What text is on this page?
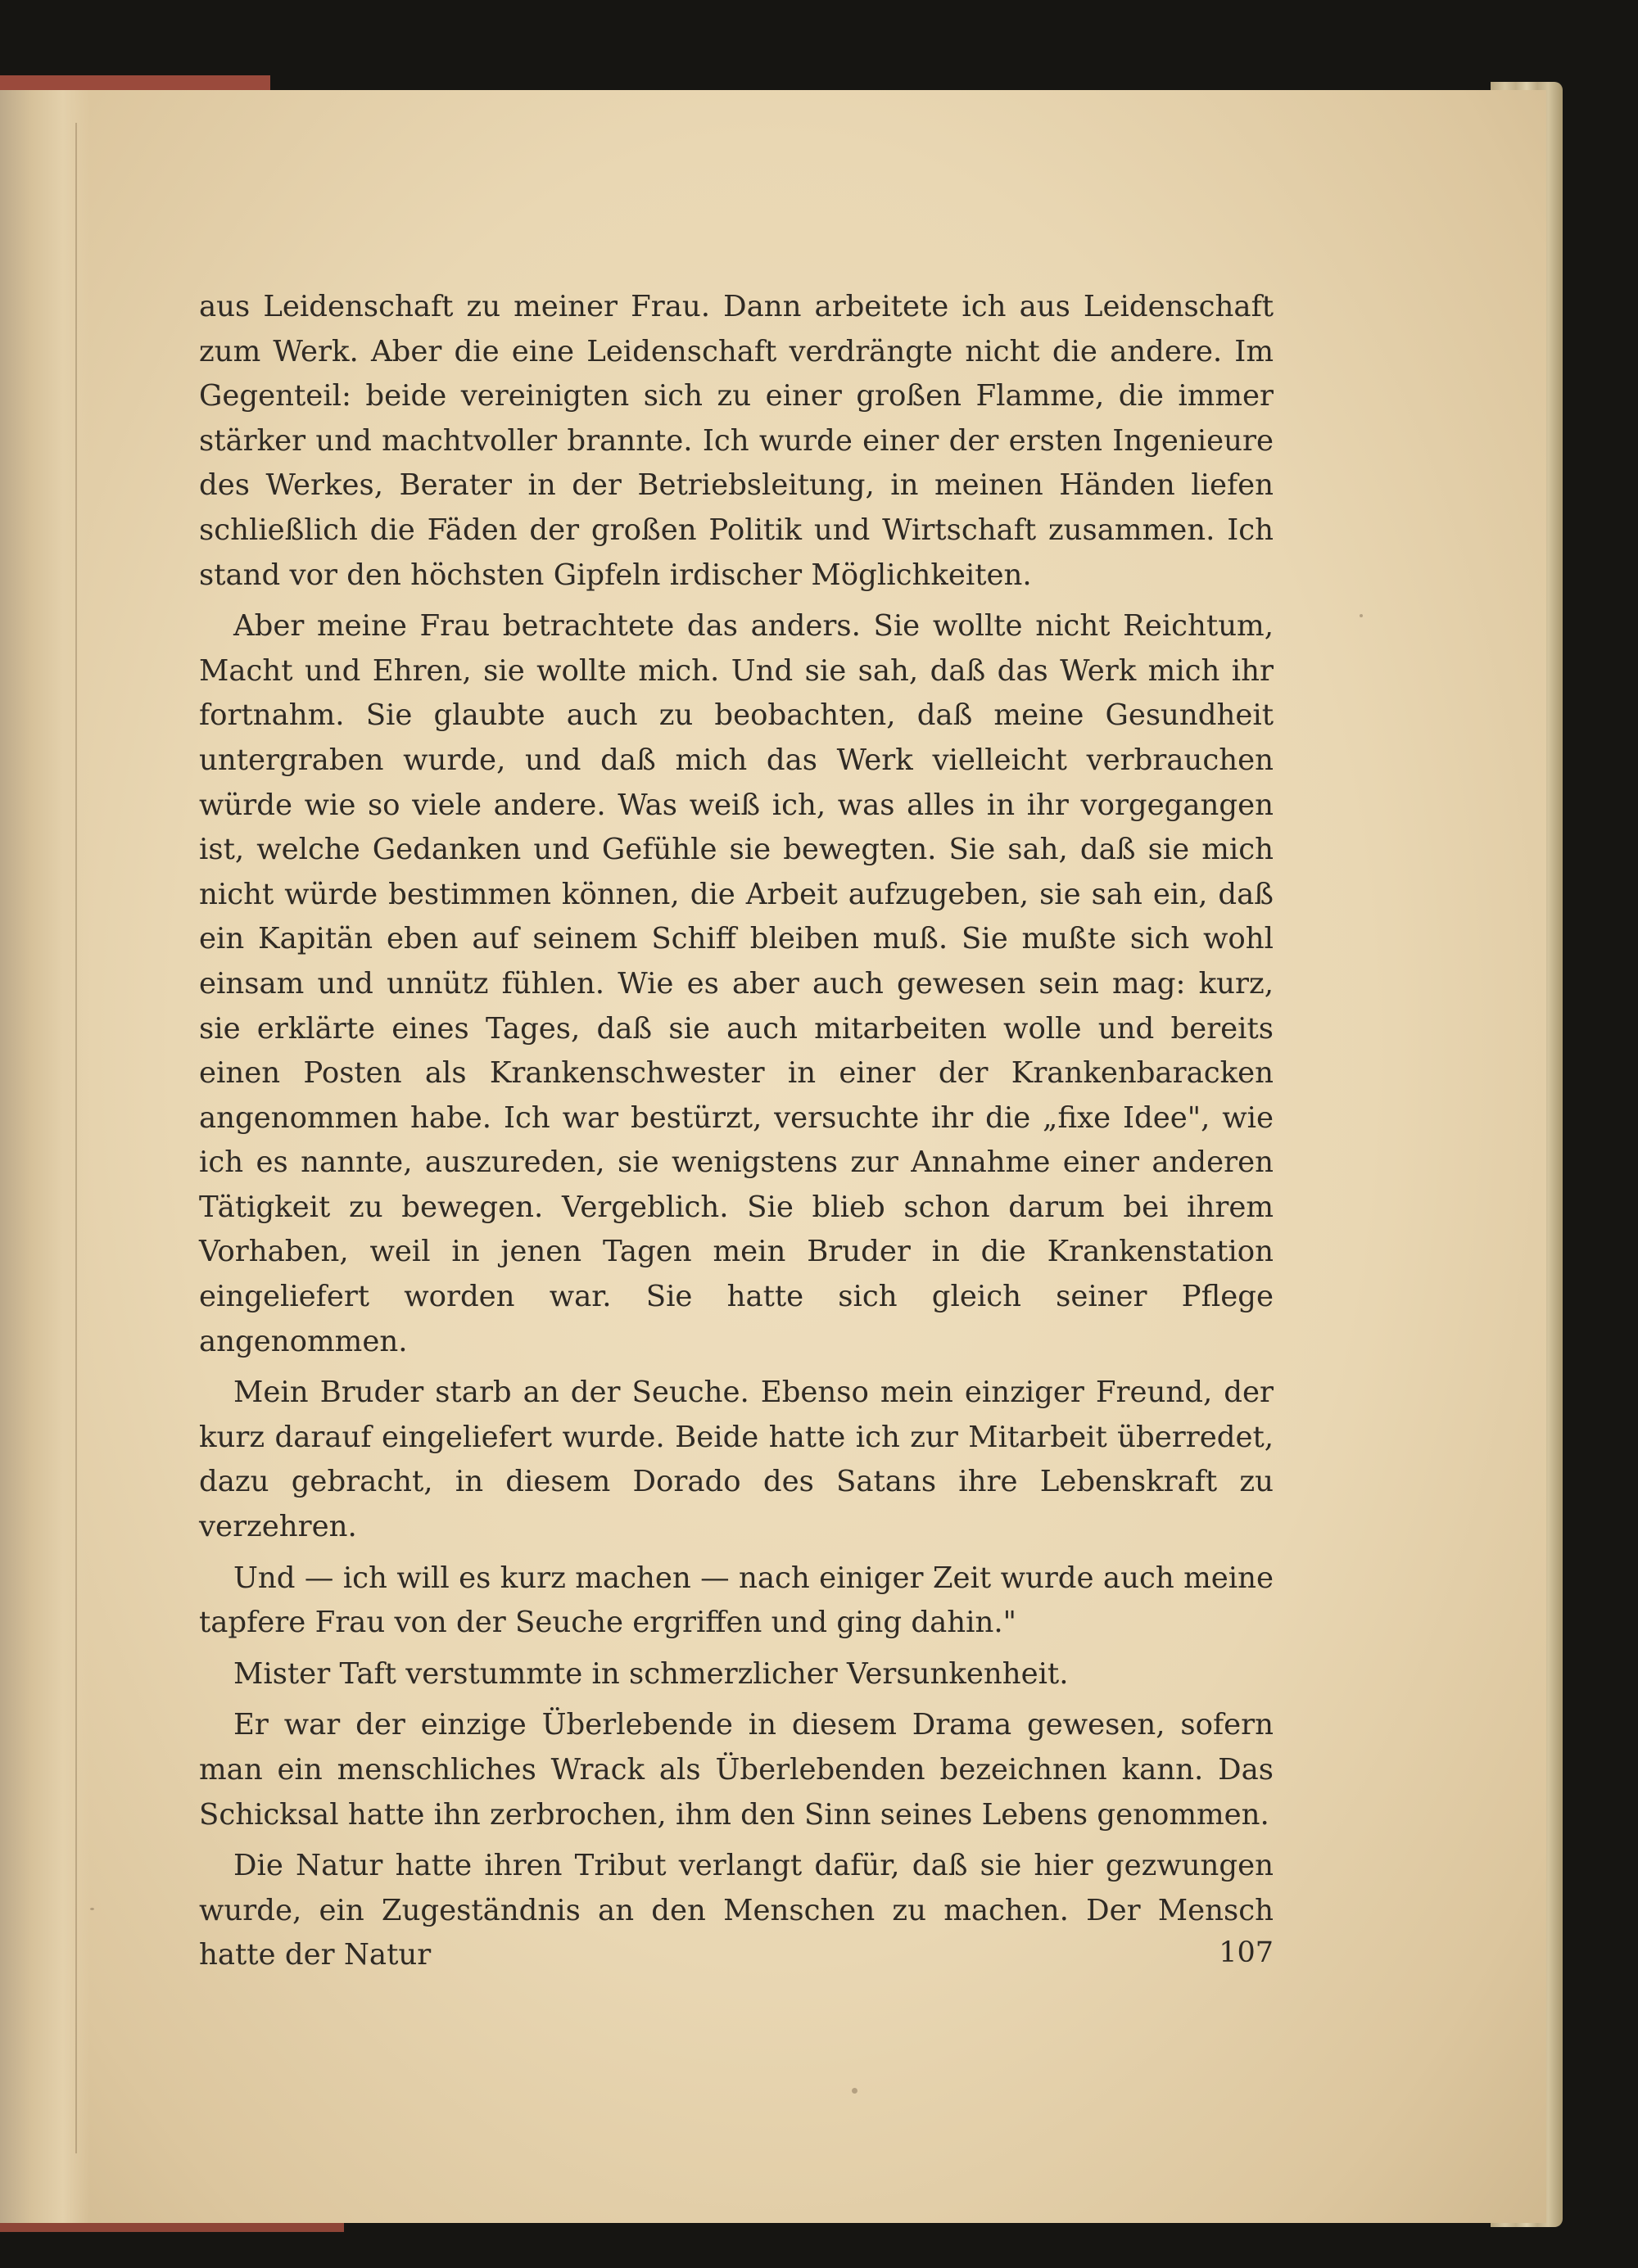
aus Leidenschaft zu meiner Frau. Dann arbeitete ich aus Leidenschaft zum Werk. Aber die eine Leidenschaft verdrängte nicht die andere. Im Gegenteil: beide vereinigten sich zu einer großen Flamme, die immer stärker und machtvoller brannte. Ich wurde einer der ersten Ingenieure des Werkes, Berater in der Betriebsleitung, in meinen Händen liefen schließlich die Fäden der großen Politik und Wirtschaft zusammen. Ich stand vor den höchsten Gipfeln irdischer Möglichkeiten.

Aber meine Frau betrachtete das anders. Sie wollte nicht Reichtum, Macht und Ehren, sie wollte mich. Und sie sah, daß das Werk mich ihr fortnahm. Sie glaubte auch zu beobachten, daß meine Gesundheit untergraben wurde, und daß mich das Werk vielleicht verbrauchen würde wie so viele andere. Was weiß ich, was alles in ihr vorgegangen ist, welche Gedanken und Gefühle sie bewegten. Sie sah, daß sie mich nicht würde bestimmen können, die Arbeit aufzugeben, sie sah ein, daß ein Kapitän eben auf seinem Schiff bleiben muß. Sie mußte sich wohl einsam und unnütz fühlen. Wie es aber auch gewesen sein mag: kurz, sie erklärte eines Tages, daß sie auch mitarbeiten wolle und bereits einen Posten als Krankenschwester in einer der Krankenbaracken angenommen habe. Ich war bestürzt, versuchte ihr die „fixe Idee", wie ich es nannte, auszureden, sie wenigstens zur Annahme einer anderen Tätigkeit zu bewegen. Vergeblich. Sie blieb schon darum bei ihrem Vorhaben, weil in jenen Tagen mein Bruder in die Krankenstation eingeliefert worden war. Sie hatte sich gleich seiner Pflege angenommen.

Mein Bruder starb an der Seuche. Ebenso mein einziger Freund, der kurz darauf eingeliefert wurde. Beide hatte ich zur Mitarbeit überredet, dazu gebracht, in diesem Dorado des Satans ihre Lebenskraft zu verzehren.

Und — ich will es kurz machen — nach einiger Zeit wurde auch meine tapfere Frau von der Seuche ergriffen und ging dahin."

Mister Taft verstummte in schmerzlicher Versunkenheit.

Er war der einzige Überlebende in diesem Drama gewesen, sofern man ein menschliches Wrack als Überlebenden bezeichnen kann. Das Schicksal hatte ihn zerbrochen, ihm den Sinn seines Lebens genommen.

Die Natur hatte ihren Tribut verlangt dafür, daß sie hier gezwungen wurde, ein Zugeständnis an den Menschen zu machen. Der Mensch hatte der Natur	107
